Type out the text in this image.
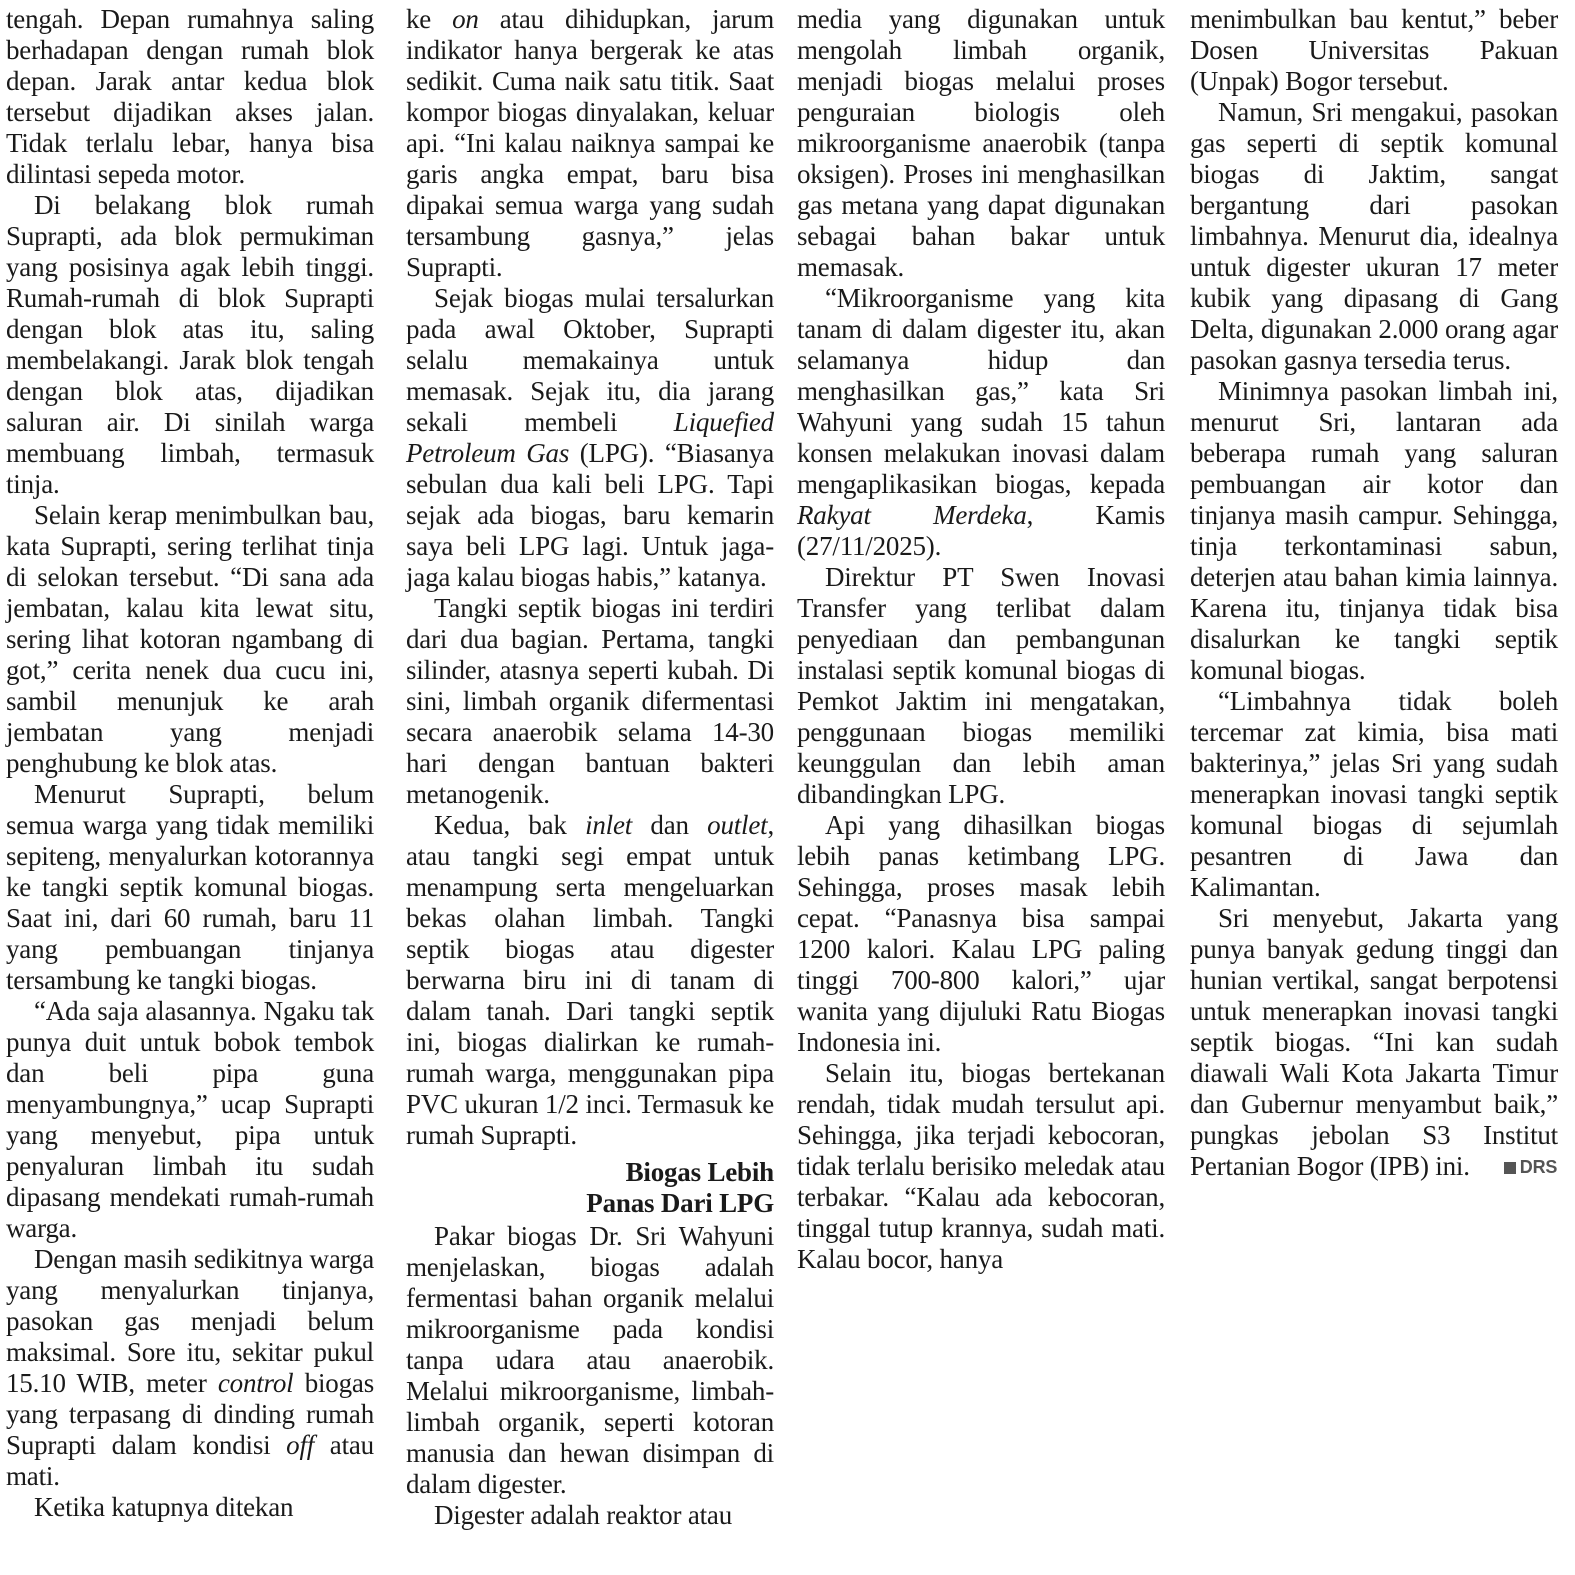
tengah. Depan rumahnya saling berhadapan dengan rumah blok depan. Jarak antar kedua blok tersebut dijadikan akses jalan. Tidak terlalu lebar, hanya bisa dilintasi sepeda motor.

Di belakang blok rumah Suprapti, ada blok permukiman yang posisinya agak lebih tinggi. Rumah-rumah di blok Suprapti dengan blok atas itu, saling membelakangi. Jarak blok tengah dengan blok atas, dijadikan saluran air. Di sinilah warga membuang limbah, termasuk tinja.

Selain kerap menimbulkan bau, kata Suprapti, sering terlihat tinja di selokan tersebut. “Di sana ada jembatan, kalau kita lewat situ, sering lihat kotoran ngambang di got,” cerita nenek dua cucu ini, sambil menunjuk ke arah jembatan yang menjadi penghubung ke blok atas.

Menurut Suprapti, belum semua warga yang tidak memiliki sepiteng, menyalurkan kotorannya ke tangki septik komunal biogas. Saat ini, dari 60 rumah, baru 11 yang pembuangan tinjanya tersambung ke tangki biogas.

“Ada saja alasannya. Ngaku tak punya duit untuk bobok tembok dan beli pipa guna menyambungnya,” ucap Suprapti yang menyebut, pipa untuk penyaluran limbah itu sudah dipasang mendekati rumah-rumah warga.

Dengan masih sedikitnya warga yang menyalurkan tinjanya, pasokan gas menjadi belum maksimal. Sore itu, sekitar pukul 15.10 WIB, meter control biogas yang terpasang di dinding rumah Suprapti dalam kondisi off atau mati.

Ketika katupnya ditekan

ke on atau dihidupkan, jarum indikator hanya bergerak ke atas sedikit. Cuma naik satu titik. Saat kompor biogas dinyalakan, keluar api. “Ini kalau naiknya sampai ke garis angka empat, baru bisa dipakai semua warga yang sudah tersambung gasnya,” jelas Suprapti.

Sejak biogas mulai tersalurkan pada awal Oktober, Suprapti selalu memakainya untuk memasak. Sejak itu, dia jarang sekali membeli Liquefied Petroleum Gas (LPG). “Biasanya sebulan dua kali beli LPG. Tapi sejak ada biogas, baru kemarin saya beli LPG lagi. Untuk jaga-jaga kalau biogas habis,” katanya.

Tangki septik biogas ini terdiri dari dua bagian. Pertama, tangki silinder, atasnya seperti kubah. Di sini, limbah organik difermentasi secara anaerobik selama 14-30 hari dengan bantuan bakteri metanogenik.

Kedua, bak inlet dan outlet, atau tangki segi empat untuk menampung serta mengeluarkan bekas olahan limbah. Tangki septik biogas atau digester berwarna biru ini di tanam di dalam tanah. Dari tangki septik ini, biogas dialirkan ke rumah-rumah warga, menggunakan pipa PVC ukuran 1/2 inci. Termasuk ke rumah Suprapti.

Biogas Lebih
Panas Dari LPG

Pakar biogas Dr. Sri Wahyuni menjelaskan, biogas adalah fermentasi bahan organik melalui mikroorganisme pada kondisi tanpa udara atau anaerobik. Melalui mikroorganisme, limbah-limbah organik, seperti kotoran manusia dan hewan disimpan di dalam digester.

Digester adalah reaktor atau

media yang digunakan untuk mengolah limbah organik, menjadi biogas melalui proses penguraian biologis oleh mikroorganisme anaerobik (tanpa oksigen). Proses ini menghasilkan gas metana yang dapat digunakan sebagai bahan bakar untuk memasak.

“Mikroorganisme yang kita tanam di dalam digester itu, akan selamanya hidup dan menghasilkan gas,” kata Sri Wahyuni yang sudah 15 tahun konsen melakukan inovasi dalam mengaplikasikan biogas, kepada Rakyat Merdeka, Kamis (27/11/2025).

Direktur PT Swen Inovasi Transfer yang terlibat dalam penyediaan dan pembangunan instalasi septik komunal biogas di Pemkot Jaktim ini mengatakan, penggunaan biogas memiliki keunggulan dan lebih aman dibandingkan LPG.

Api yang dihasilkan biogas lebih panas ketimbang LPG. Sehingga, proses masak lebih cepat. “Panasnya bisa sampai 1200 kalori. Kalau LPG paling tinggi 700-800 kalori,” ujar wanita yang dijuluki Ratu Biogas Indonesia ini.

Selain itu, biogas bertekanan rendah, tidak mudah tersulut api. Sehingga, jika terjadi kebocoran, tidak terlalu berisiko meledak atau terbakar. “Kalau ada kebocoran, tinggal tutup krannya, sudah mati. Kalau bocor, hanya

menimbulkan bau kentut,” beber Dosen Universitas Pakuan (Unpak) Bogor tersebut.

Namun, Sri mengakui, pasokan gas seperti di septik komunal biogas di Jaktim, sangat bergantung dari pasokan limbahnya. Menurut dia, idealnya untuk digester ukuran 17 meter kubik yang dipasang di Gang Delta, digunakan 2.000 orang agar pasokan gasnya tersedia terus.

Minimnya pasokan limbah ini, menurut Sri, lantaran ada beberapa rumah yang saluran pembuangan air kotor dan tinjanya masih campur. Sehingga, tinja terkontaminasi sabun, deterjen atau bahan kimia lainnya. Karena itu, tinjanya tidak bisa disalurkan ke tangki septik komunal biogas.

“Limbahnya tidak boleh tercemar zat kimia, bisa mati bakterinya,” jelas Sri yang sudah menerapkan inovasi tangki septik komunal biogas di sejumlah pesantren di Jawa dan Kalimantan.

Sri menyebut, Jakarta yang punya banyak gedung tinggi dan hunian vertikal, sangat berpotensi untuk menerapkan inovasi tangki septik biogas. “Ini kan sudah diawali Wali Kota Jakarta Timur dan Gubernur menyambut baik,” pungkas jebolan S3 Institut Pertanian Bogor (IPB) ini.	DRS
